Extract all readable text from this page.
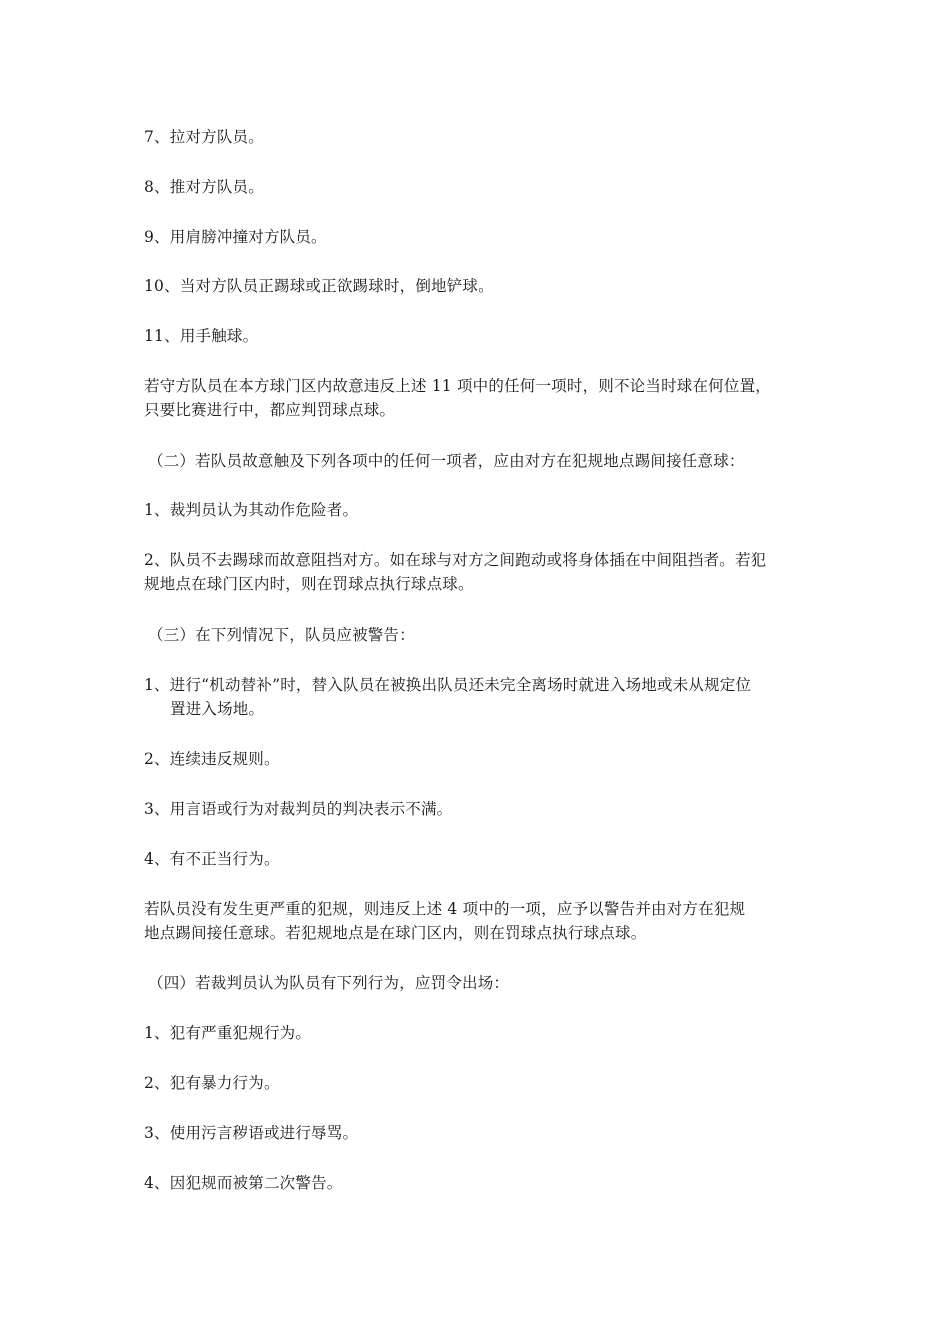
7、拉对方队员。
8、推对方队员。
9、用肩膀冲撞对方队员。
10、当对方队员正踢球或正欲踢球时，倒地铲球。
11、用手触球。
若守方队员在本方球门区内故意违反上述 11 项中的任何一项时，则不论当时球在何位置，
只要比赛进行中，都应判罚球点球。
（二）若队员故意触及下列各项中的任何一项者，应由对方在犯规地点踢间接任意球：
1、裁判员认为其动作危险者。
2、队员不去踢球而故意阻挡对方。如在球与对方之间跑动或将身体插在中间阻挡者。若犯
规地点在球门区内时，则在罚球点执行球点球。
（三）在下列情况下，队员应被警告：
1、进行“机动替补”时，替入队员在被换出队员还未完全离场时就进入场地或未从规定位
置进入场地。
2、连续违反规则。
3、用言语或行为对裁判员的判决表示不满。
4、有不正当行为。
若队员没有发生更严重的犯规，则违反上述 4 项中的一项，应予以警告并由对方在犯规
地点踢间接任意球。若犯规地点是在球门区内，则在罚球点执行球点球。
（四）若裁判员认为队员有下列行为，应罚令出场：
1、犯有严重犯规行为。
2、犯有暴力行为。
3、使用污言秽语或进行辱骂。
4、因犯规而被第二次警告。
